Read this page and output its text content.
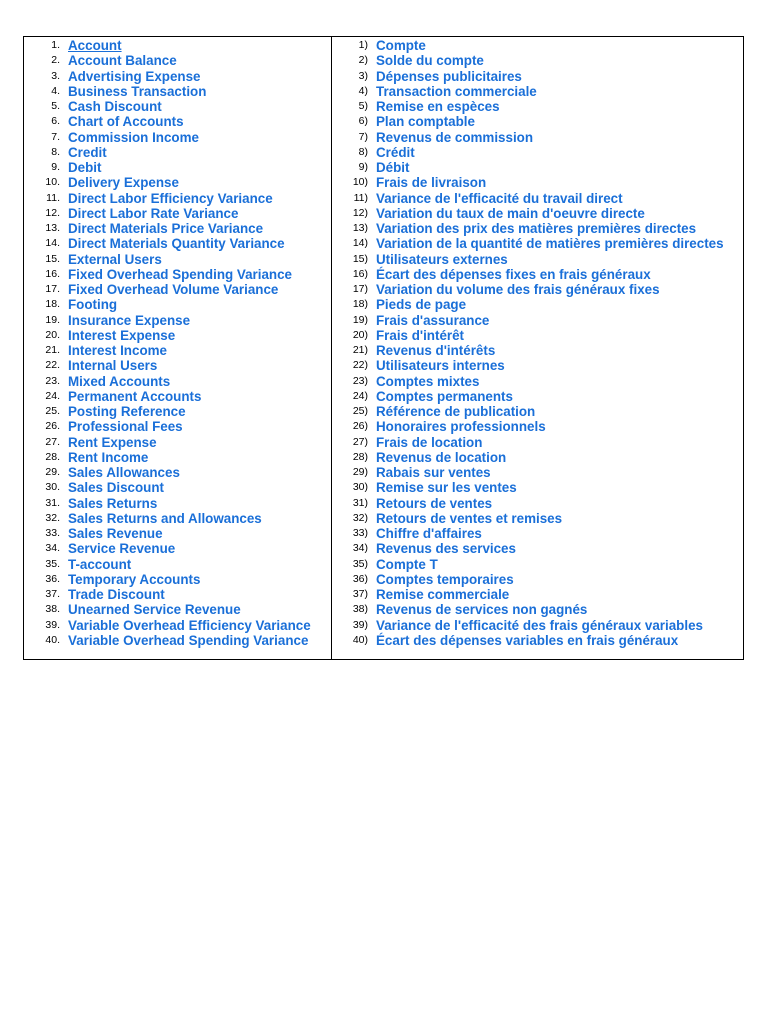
1. Account
2. Account Balance
3. Advertising Expense
4. Business Transaction
5. Cash Discount
6. Chart of Accounts
7. Commission Income
8. Credit
9. Debit
10. Delivery Expense
11. Direct Labor Efficiency Variance
12. Direct Labor Rate Variance
13. Direct Materials Price Variance
14. Direct Materials Quantity Variance
15. External Users
16. Fixed Overhead Spending Variance
17. Fixed Overhead Volume Variance
18. Footing
19. Insurance Expense
20. Interest Expense
21. Interest Income
22. Internal Users
23. Mixed Accounts
24. Permanent Accounts
25. Posting Reference
26. Professional Fees
27. Rent Expense
28. Rent Income
29. Sales Allowances
30. Sales Discount
31. Sales Returns
32. Sales Returns and Allowances
33. Sales Revenue
34. Service Revenue
35. T-account
36. Temporary Accounts
37. Trade Discount
38. Unearned Service Revenue
39. Variable Overhead Efficiency Variance
40. Variable Overhead Spending Variance
1) Compte
2) Solde du compte
3) Dépenses publicitaires
4) Transaction commerciale
5) Remise en espèces
6) Plan comptable
7) Revenus de commission
8) Crédit
9) Débit
10) Frais de livraison
11) Variance de l'efficacité du travail direct
12) Variation du taux de main d'oeuvre directe
13) Variation des prix des matières premières directes
14) Variation de la quantité de matières premières directes
15) Utilisateurs externes
16) Écart des dépenses fixes en frais généraux
17) Variation du volume des frais généraux fixes
18) Pieds de page
19) Frais d'assurance
20) Frais d'intérêt
21) Revenus d'intérêts
22) Utilisateurs internes
23) Comptes mixtes
24) Comptes permanents
25) Référence de publication
26) Honoraires professionnels
27) Frais de location
28) Revenus de location
29) Rabais sur ventes
30) Remise sur les ventes
31) Retours de ventes
32) Retours de ventes et remises
33) Chiffre d'affaires
34) Revenus des services
35) Compte T
36) Comptes temporaires
37) Remise commerciale
38) Revenus de services non gagnés
39) Variance de l'efficacité des frais généraux variables
40) Écart des dépenses variables en frais généraux
